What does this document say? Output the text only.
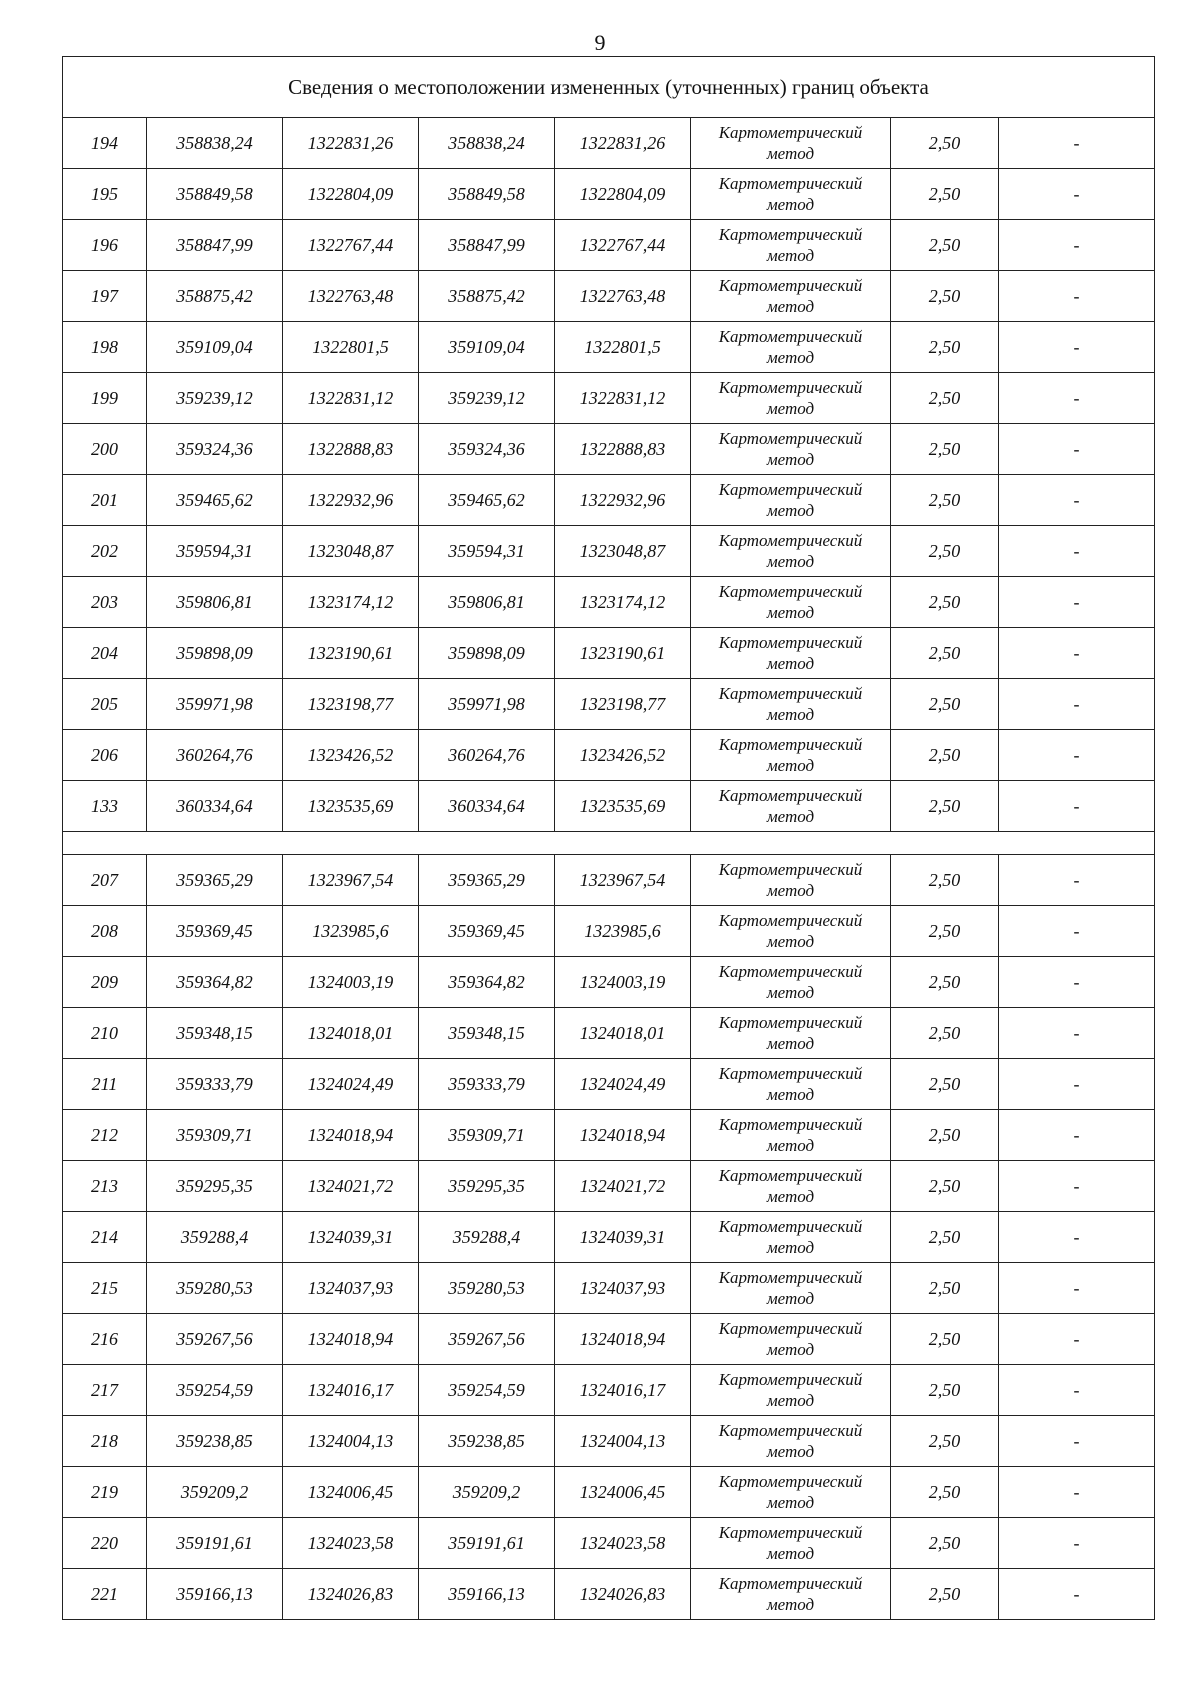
9
Сведения о местоположении измененных (уточненных) границ объекта							
194	358838,24	1322831,26	358838,24	1322831,26	Картометрический
метод	2,50	-
195	358849,58	1322804,09	358849,58	1322804,09	Картометрический
метод	2,50	-
196	358847,99	1322767,44	358847,99	1322767,44	Картометрический
метод	2,50	-
197	358875,42	1322763,48	358875,42	1322763,48	Картометрический
метод	2,50	-
198	359109,04	1322801,5	359109,04	1322801,5	Картометрический
метод	2,50	-
199	359239,12	1322831,12	359239,12	1322831,12	Картометрический
метод	2,50	-
200	359324,36	1322888,83	359324,36	1322888,83	Картометрический
метод	2,50	-
201	359465,62	1322932,96	359465,62	1322932,96	Картометрический
метод	2,50	-
202	359594,31	1323048,87	359594,31	1323048,87	Картометрический
метод	2,50	-
203	359806,81	1323174,12	359806,81	1323174,12	Картометрический
метод	2,50	-
204	359898,09	1323190,61	359898,09	1323190,61	Картометрический
метод	2,50	-
205	359971,98	1323198,77	359971,98	1323198,77	Картометрический
метод	2,50	-
206	360264,76	1323426,52	360264,76	1323426,52	Картометрический
метод	2,50	-
133	360334,64	1323535,69	360334,64	1323535,69	Картометрический
метод	2,50	-

207	359365,29	1323967,54	359365,29	1323967,54	Картометрический
метод	2,50	-
208	359369,45	1323985,6	359369,45	1323985,6	Картометрический
метод	2,50	-
209	359364,82	1324003,19	359364,82	1324003,19	Картометрический
метод	2,50	-
210	359348,15	1324018,01	359348,15	1324018,01	Картометрический
метод	2,50	-
211	359333,79	1324024,49	359333,79	1324024,49	Картометрический
метод	2,50	-
212	359309,71	1324018,94	359309,71	1324018,94	Картометрический
метод	2,50	-
213	359295,35	1324021,72	359295,35	1324021,72	Картометрический
метод	2,50	-
214	359288,4	1324039,31	359288,4	1324039,31	Картометрический
метод	2,50	-
215	359280,53	1324037,93	359280,53	1324037,93	Картометрический
метод	2,50	-
216	359267,56	1324018,94	359267,56	1324018,94	Картометрический
метод	2,50	-
217	359254,59	1324016,17	359254,59	1324016,17	Картометрический
метод	2,50	-
218	359238,85	1324004,13	359238,85	1324004,13	Картометрический
метод	2,50	-
219	359209,2	1324006,45	359209,2	1324006,45	Картометрический
метод	2,50	-
220	359191,61	1324023,58	359191,61	1324023,58	Картометрический
метод	2,50	-
221	359166,13	1324026,83	359166,13	1324026,83	Картометрический
метод	2,50	-
